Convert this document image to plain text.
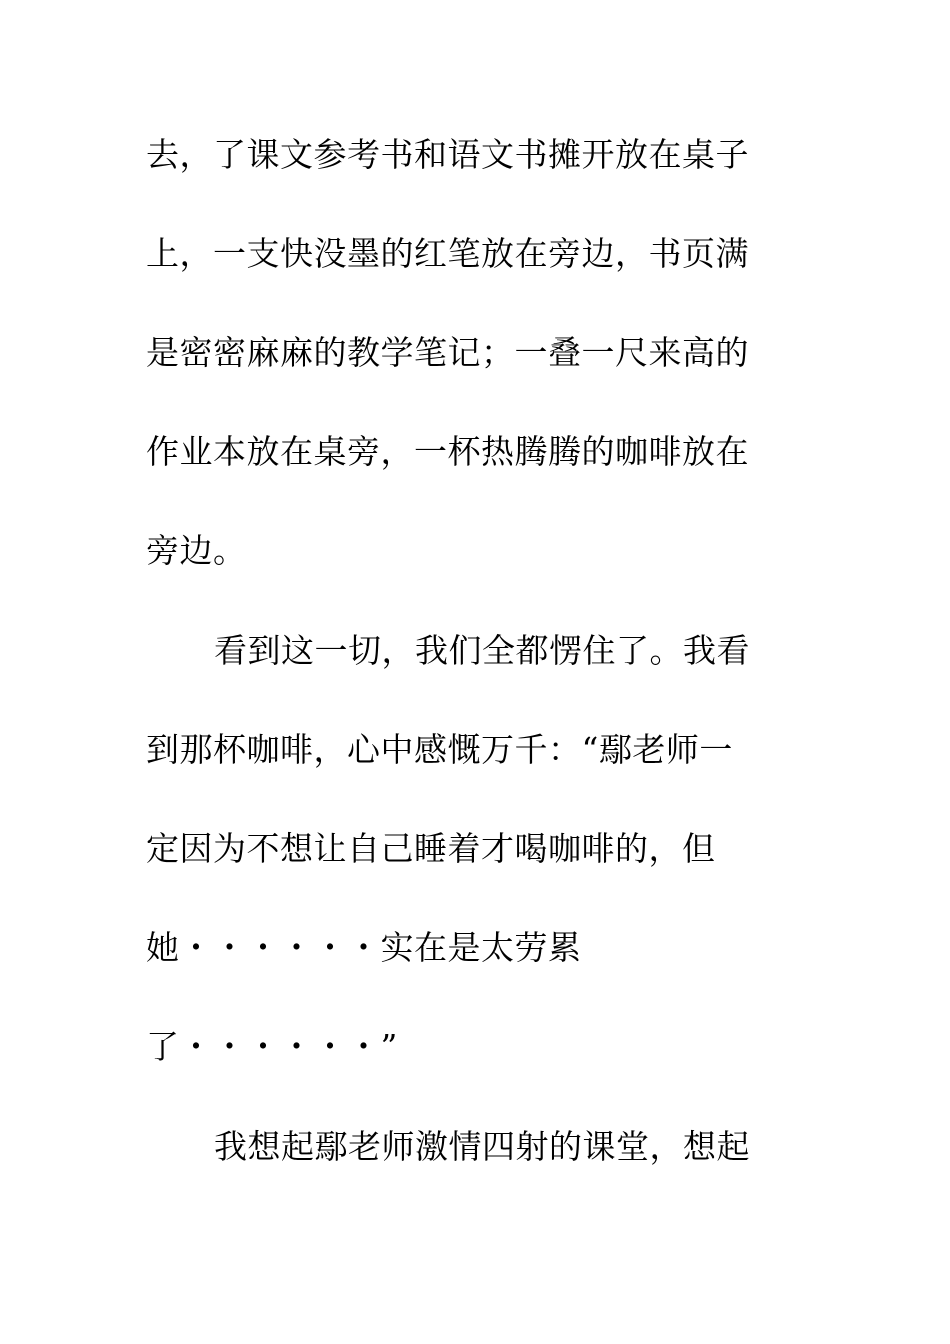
去，了课文参考书和语文书摊开放在桌子
上，一支快没墨的红笔放在旁边，书页满
是密密麻麻的教学笔记；一叠一尺来高的
作业本放在桌旁，一杯热腾腾的咖啡放在
旁边。
看到这一切，我们全都愣住了。我看
到那杯咖啡，心中感慨万千：“鄢老师一
定因为不想让自己睡着才喝咖啡的，但
她・・・・・・实在是太劳累
了・・・・・・”
我想起鄢老师激情四射的课堂，想起
